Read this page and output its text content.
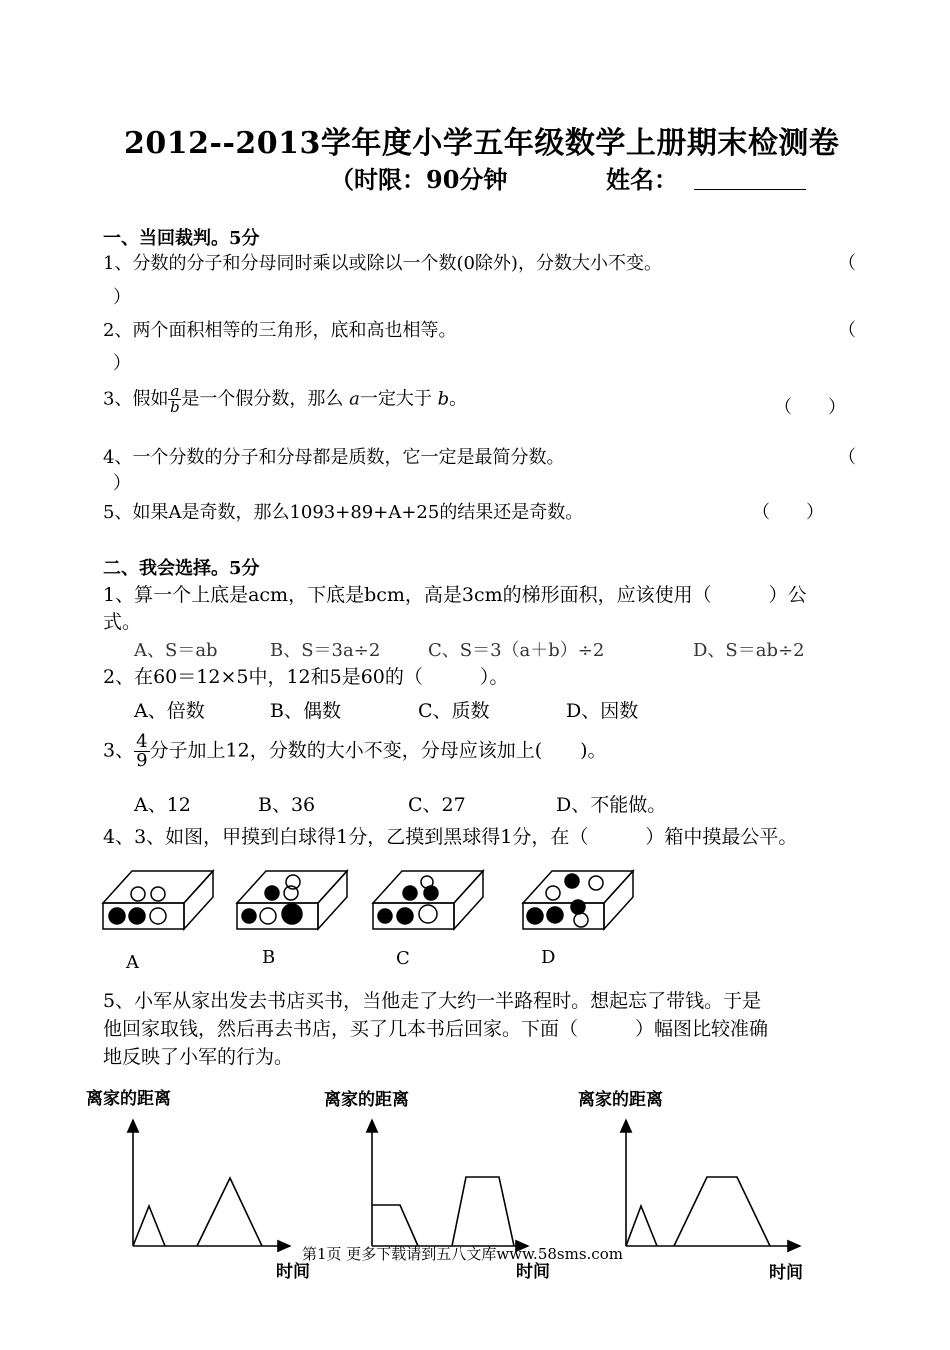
2012--2013学年度小学五年级数学上册期末检测卷
（时限：90分钟	姓名：
一、当回裁判。5分
1、分数的分子和分母同时乘以或除以一个数(0除外)，分数大小不变。	（
）
2、两个面积相等的三角形，底和高也相等。	（
）
3、假如 $\frac{a}{b}$ 是一个假分数，那么 a一定大于 b。	（　　）
4、一个分数的分子和分母都是质数，它一定是最简分数。	（
）
5、如果A是奇数，那么1093+89+A+25的结果还是奇数。	（　　）
二、我会选择。5分
1、算一个上底是acm，下底是bcm，高是3cm的梯形面积，应该使用（　　　）公
式。
A、S＝ab	B、S＝3a÷2	C、S＝3（a＋b）÷2	D、S＝ab÷2
2、在60＝12×5中，12和5是60的（　　　）。
A、倍数	B、偶数	C、质数	D、因数
3、 $\frac{4}{9}$ 分子加上12，分数的大小不变，分母应该加上(　　)。
A、12	B、36	C、27	D、不能做。
4、3、如图，甲摸到白球得1分，乙摸到黑球得1分，在（　　　）箱中摸最公平。
A	B	C	D
5、小军从家出发去书店买书，当他走了大约一半路程时。想起忘了带钱。于是
他回家取钱，然后再去书店，买了几本书后回家。下面（　　　）幅图比较准确
地反映了小军的行为。
离家的距离	离家的距离	离家的距离
时间	时间	时间
第1页 更多下载请到五八文库www.58sms.com
